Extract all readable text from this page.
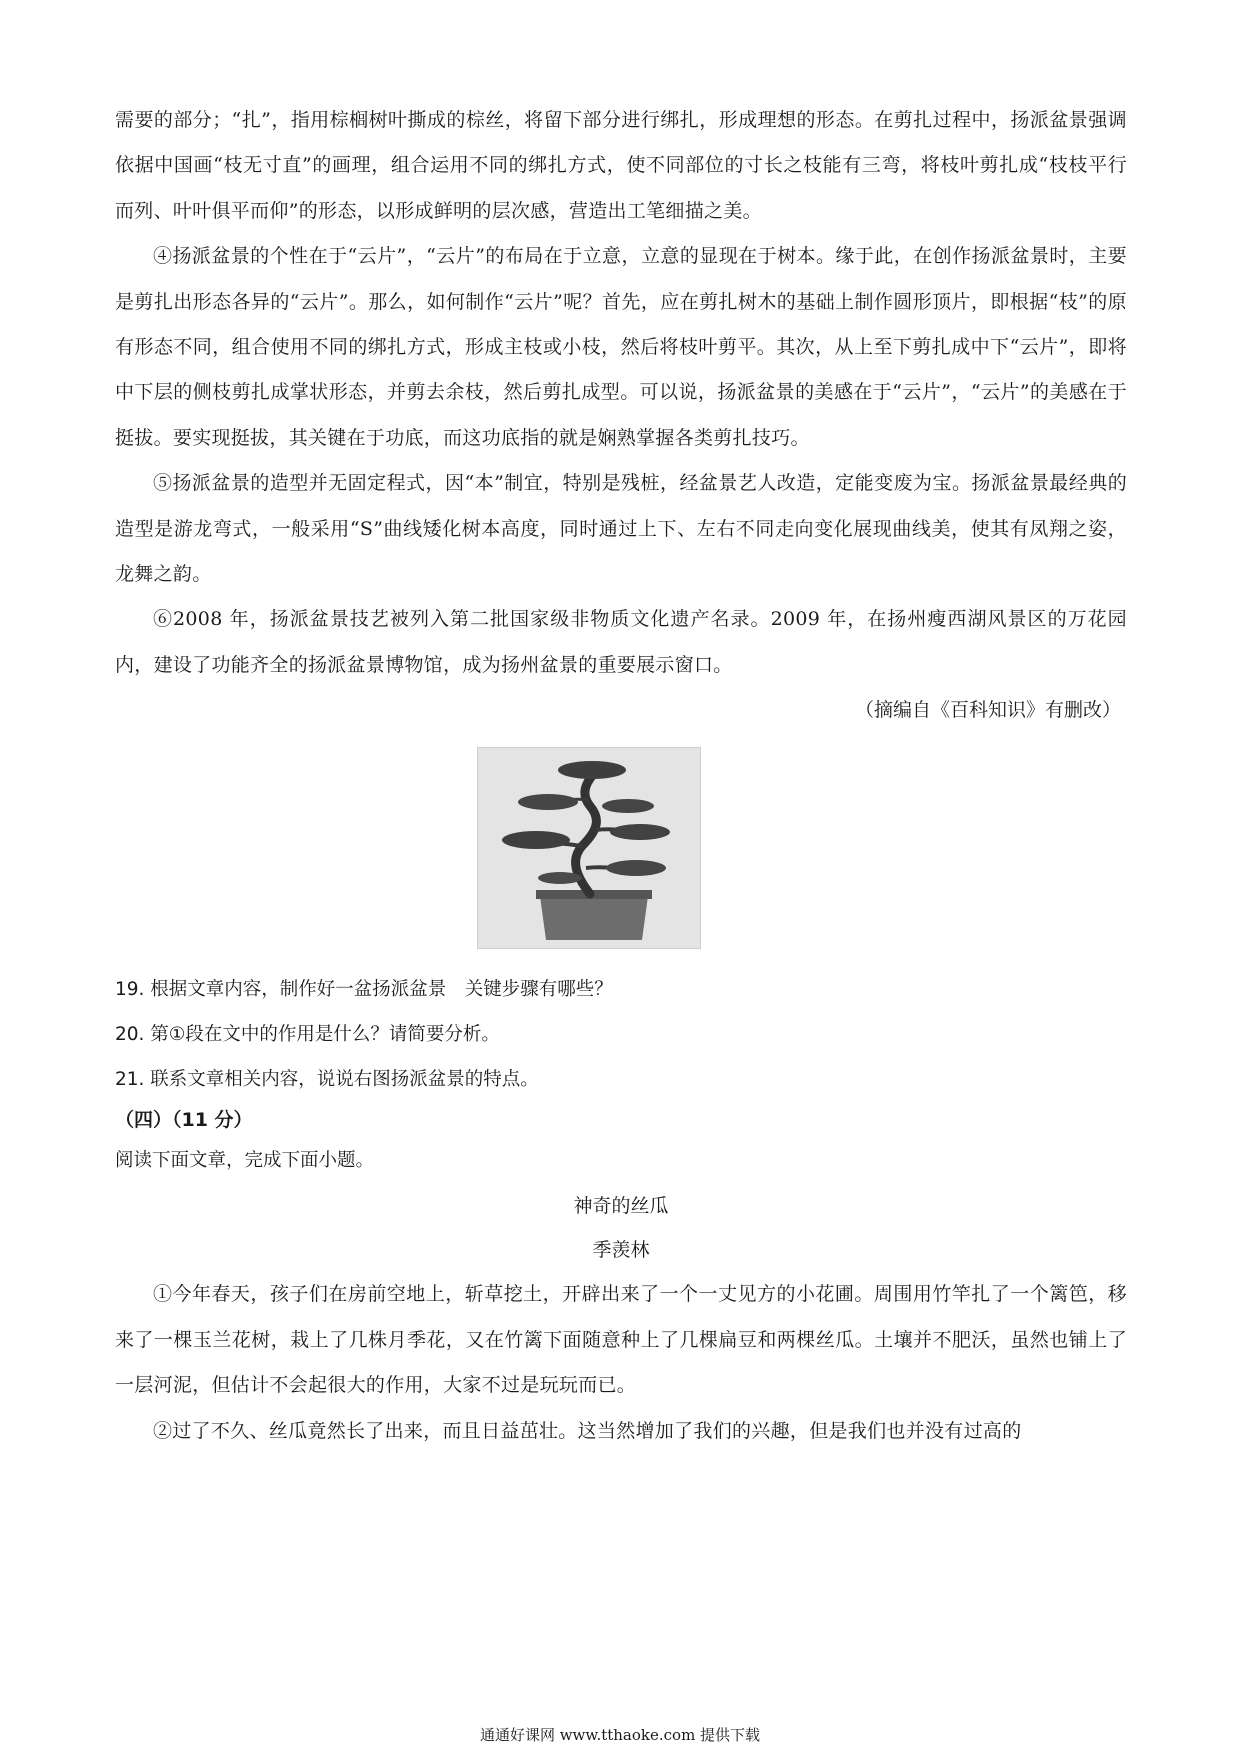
需要的部分；“扎”，指用棕榈树叶撕成的棕丝，将留下部分进行绑扎，形成理想的形态。在剪扎过程中，扬派盆景强调依据中国画“枝无寸直”的画理，组合运用不同的绑扎方式，使不同部位的寸长之枝能有三弯，将枝叶剪扎成“枝枝平行而列、叶叶俱平而仰”的形态，以形成鲜明的层次感，营造出工笔细描之美。

④扬派盆景的个性在于“云片”，“云片”的布局在于立意，立意的显现在于树本。缘于此，在创作扬派盆景时，主要是剪扎出形态各异的“云片”。那么，如何制作“云片”呢？首先，应在剪扎树木的基础上制作圆形顶片，即根据“枝”的原有形态不同，组合使用不同的绑扎方式，形成主枝或小枝，然后将枝叶剪平。其次，从上至下剪扎成中下“云片”，即将中下层的侧枝剪扎成掌状形态，并剪去余枝，然后剪扎成型。可以说，扬派盆景的美感在于“云片”，“云片”的美感在于挺拔。要实现挺拔，其关键在于功底，而这功底指的就是娴熟掌握各类剪扎技巧。

⑤扬派盆景的造型并无固定程式，因“本”制宜，特别是残桩，经盆景艺人改造，定能变废为宝。扬派盆景最经典的造型是游龙弯式，一般采用“S”曲线矮化树本高度，同时通过上下、左右不同走向变化展现曲线美，使其有凤翔之姿，龙舞之韵。

⑥2008 年，扬派盆景技艺被列入第二批国家级非物质文化遗产名录。2009 年，在扬州瘦西湖风景区的万花园内，建设了功能齐全的扬派盆景博物馆，成为扬州盆景的重要展示窗口。

（摘编自《百科知识》有删改）

19. 根据文章内容，制作好一盆扬派盆景　关键步骤有哪些？

20. 第①段在文中的作用是什么？请简要分析。

21. 联系文章相关内容，说说右图扬派盆景的特点。

（四）（11 分）

阅读下面文章，完成下面小题。

神奇的丝瓜

季羡林

①今年春天，孩子们在房前空地上，斩草挖土，开辟出来了一个一丈见方的小花圃。周围用竹竿扎了一个篱笆，移来了一棵玉兰花树，栽上了几株月季花，又在竹篱下面随意种上了几棵扁豆和两棵丝瓜。土壤并不肥沃，虽然也铺上了一层河泥，但估计不会起很大的作用，大家不过是玩玩而已。

②过了不久、丝瓜竟然长了出来，而且日益茁壮。这当然增加了我们的兴趣，但是我们也并没有过高的

通通好课网 www.tthaoke.com 提供下载
